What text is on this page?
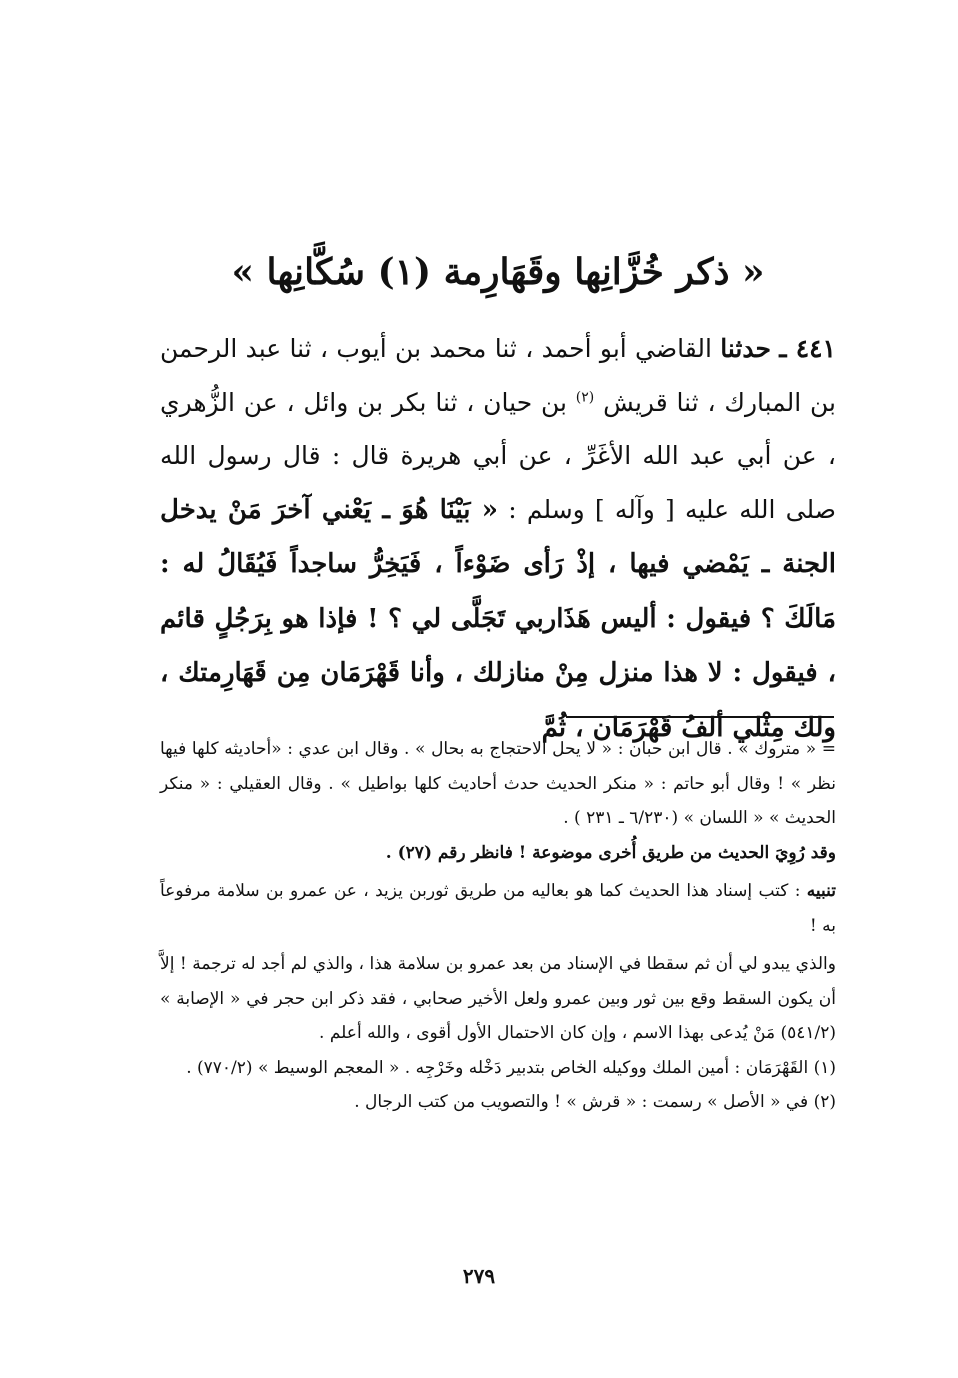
« ذكر خُزَّانِها وقَهَارِمة (١) سُكَّانِها »

٤٤١ ـ حدثنا القاضي أبو أحمد ، ثنا محمد بن أيوب ، ثنا عبد الرحمن بن المبارك ، ثنا قريش $^{(٢)}$ بن حيان ، ثنا بكر بن وائل ، عن الزُّهري ، عن أبي عبد الله الأغَرِّ ، عن أبي هريرة قال : قال رسول الله صلى الله عليه [ وآله ] وسلم : « بَيْنَا هُوَ ـ يَعْني آخرَ مَنْ يدخل الجنة ـ يَمْضي فيها ، إذْ رَأى ضَوْءاً ، فَيَخِرُّ ساجداً فَيُقَالُ له : مَالَكَ ؟ فيقول : أليس هَذَاربي تَجَلَّى لي ؟ ! فإذا هو بِرَجُلٍ قائم ، فيقول : لا هذا منزل مِنْ منازلك ، وأنا قَهْرَمَان مِن قَهَارِمتك ، ولك مِثْلي ألفُ قَهْرَمَان ، ثُمَّ

= « متروك » . قال ابن حبان : « لا يحل الاحتجاج به بحال » . وقال ابن عدي : «أحاديثه كلها فيها نظر » ! وقال أبو حاتم : « منكر الحديث حدث أحاديث كلها بواطيل » . وقال العقيلي : « منكر الحديث » « اللسان » (٦/٢٣٠ ـ ٢٣١ ) .

وقد رُوِيَ الحديث من طريق أُخرى موضوعة ! فانظر رقم (٢٧) .

تنبيه : كتب إسناد هذا الحديث كما هو بعاليه من طريق ثوربن يزيد ، عن عمرو بن سلامة مرفوعاً به !

والذي يبدو لي أن ثم سقطا في الإسناد من بعد عمرو بن سلامة هذا ، والذي لم أجد له ترجمة ! إلاَّ أن يكون السقط وقع بين ثور وبين عمرو ولعل الأخير صحابي ، فقد ذكر ابن حجر في « الإصابة » (٥٤١/٢) مَنْ يُدعى بهذا الاسم ، وإن كان الاحتمال الأول أقوى ، والله أعلم .

(١) القَهْرَمَان : أمين الملك ووكيله الخاص بتدبير دَخْله وخَرْجِه . « المعجم الوسيط » (٧٧٠/٢) .

(٢) في « الأصل » رسمت : « قرش » ! والتصويب من كتب الرجال .

٢٧٩
